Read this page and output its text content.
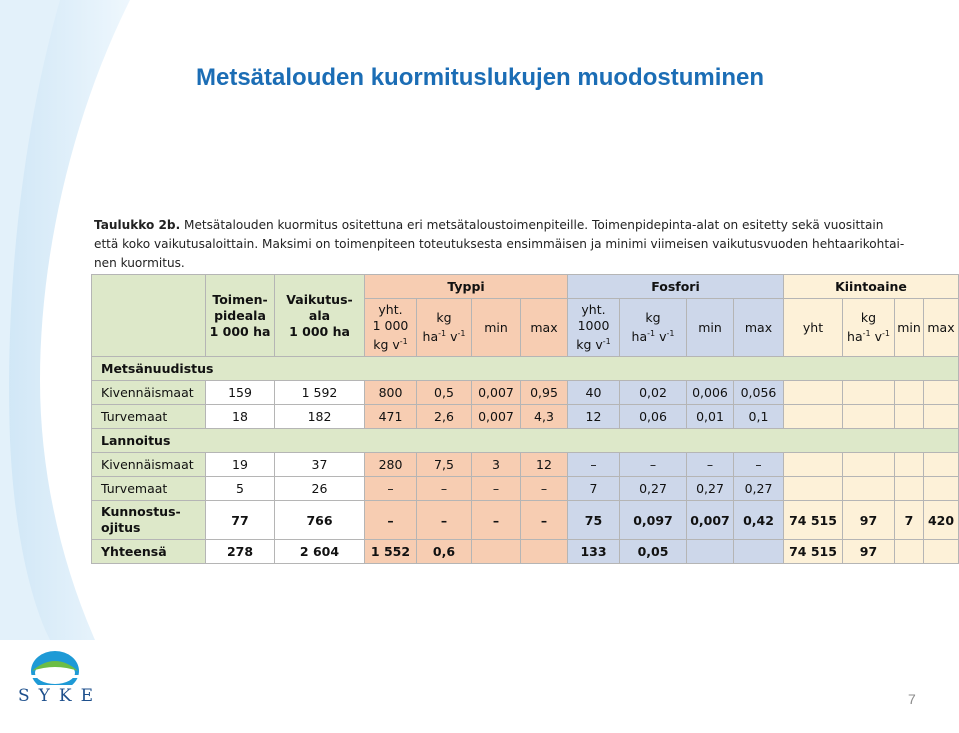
Metsätalouden kuormituslukujen muodostuminen
Taulukko 2b. Metsätalouden kuormitus ositettuna eri metsätaloustoimenpiteille. Toimenpidepinta-alat on esitetty sekä vuosittain
että koko vaikutusaloittain. Maksimi on toimenpiteen toteutuksesta ensimmäisen ja minimi viimeisen vaikutusvuoden hehtaarikohtai-
nen kuormitus.
	Toimen-
pideala
1 000 ha	Vaikutus-
ala
1 000 ha	Typpi				Fosfori				Kiintoaine			
			yht.
1 000
kg $v^{-1}$	kg
$ha^{-1}$ $v^{-1}$	min	max	yht.
1000
kg $v^{-1}$	kg
$ha^{-1}$ $v^{-1}$	min	max	yht	kg
$ha^{-1}$ $v^{-1}$	min	max
Metsänuudistus														
Kivennäismaat	159	1 592	800	0,5	0,007	0,95	40	0,02	0,006	0,056				
Turvemaat	18	182	471	2,6	0,007	4,3	12	0,06	0,01	0,1				
Lannoitus														
Kivennäismaat	19	37	280	7,5	3	12	–	–	–	–				
Turvemaat	5	26	–	–	–	–	7	0,27	0,27	0,27				
Kunnostus-
ojitus	77	766	–	–	–	–	75	0,097	0,007	0,42	74 515	97	7	420
Yhteensä	278	2 604	1 552	0,6			133	0,05			74 515	97		
SYKE	7
